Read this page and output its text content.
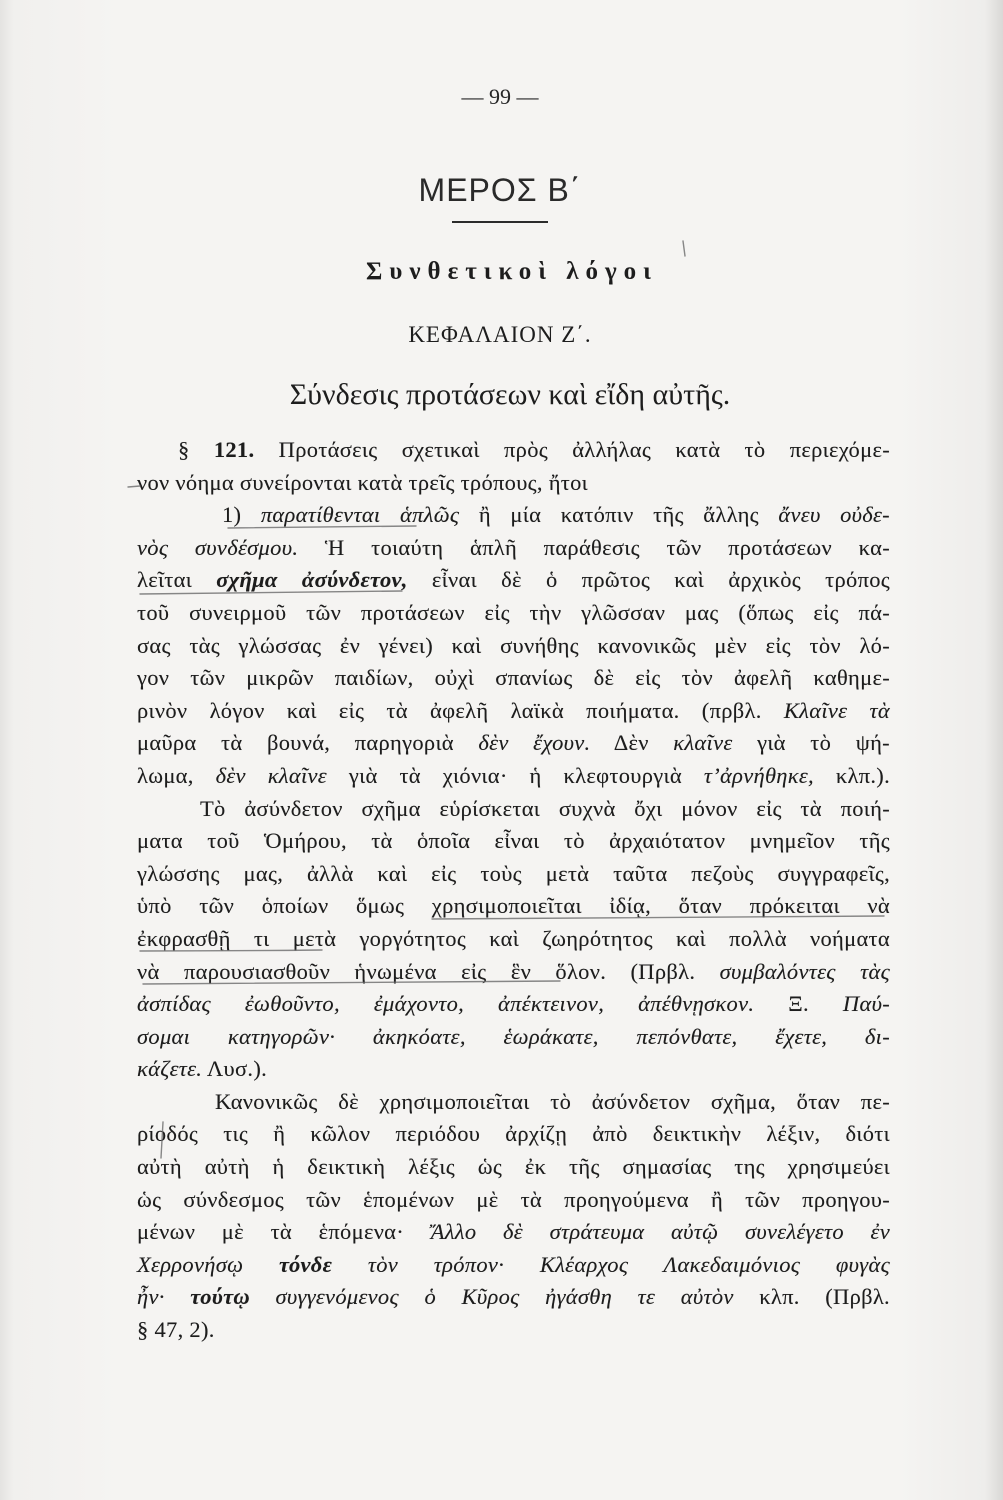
— 99 —
ΜΕΡΟΣ Β΄
Συνθετικοὶ λόγοι
ΚΕΦΑΛΑΙΟΝ Ζ΄.
Σύνδεσις προτάσεων καὶ εἴδη αὐτῆς.
§ 121. Προτάσεις σχετικαὶ πρὸς ἀλλήλας κατὰ τὸ περιεχόμε-
νον νόημα συνείρονται κατὰ τρεῖς τρόπους, ἤτοι
1) παρατίθενται ἁπλῶς ἢ μία κατόπιν τῆς ἄλλης ἄνευ οὐδε-
νὸς συνδέσμου. Ἡ τοιαύτη ἁπλῆ παράθεσις τῶν προτάσεων κα-
λεῖται σχῆμα ἀσύνδετον, εἶναι δὲ ὁ πρῶτος καὶ ἀρχικὸς τρόπος
τοῦ συνειρμοῦ τῶν προτάσεων εἰς τὴν γλῶσσαν μας (ὅπως εἰς πά-
σας τὰς γλώσσας ἐν γένει) καὶ συνήθης κανονικῶς μὲν εἰς τὸν λό-
γον τῶν μικρῶν παιδίων, οὐχὶ σπανίως δὲ εἰς τὸν ἀφελῆ καθημε-
ρινὸν λόγον καὶ εἰς τὰ ἀφελῆ λαϊκὰ ποιήματα. (πρβλ. Κλαῖνε τὰ
μαῦρα τὰ βουνά, παρηγοριὰ δὲν ἔχουν. Δὲν κλαῖνε γιὰ τὸ ψή-
λωμα, δὲν κλαῖνε γιὰ τὰ χιόνια· ἡ κλεφτουργιὰ τ’ἀρνήθηκε, κλπ.).
Τὸ ἀσύνδετον σχῆμα εὑρίσκεται συχνὰ ὄχι μόνον εἰς τὰ ποιή-
ματα τοῦ Ὁμήρου, τὰ ὁποῖα εἶναι τὸ ἀρχαιότατον μνημεῖον τῆς
γλώσσης μας, ἀλλὰ καὶ εἰς τοὺς μετὰ ταῦτα πεζοὺς συγγραφεῖς,
ὑπὸ τῶν ὁποίων ὅμως χρησιμοποιεῖται ἰδίᾳ, ὅταν πρόκειται νὰ
ἐκφρασθῇ τι μετὰ γοργότητος καὶ ζωηρότητος καὶ πολλὰ νοήματα
νὰ παρουσιασθοῦν ἡνωμένα εἰς ἓν ὅλον. (Πρβλ. συμβαλόντες τὰς
ἀσπίδας ἐωθοῦντο, ἐμάχοντο, ἀπέκτεινον, ἀπέθνῃσκον. Ξ. Παύ-
σομαι κατηγορῶν· ἀκηκόατε, ἑωράκατε, πεπόνθατε, ἔχετε, δι-
κάζετε. Λυσ.).
Κανονικῶς δὲ χρησιμοποιεῖται τὸ ἀσύνδετον σχῆμα, ὅταν πε-
ρίοδός τις ἢ κῶλον περιόδου ἀρχίζῃ ἀπὸ δεικτικὴν λέξιν, διότι
αὐτὴ αὐτὴ ἡ δεικτικὴ λέξις ὡς ἐκ τῆς σημασίας της χρησιμεύει
ὡς σύνδεσμος τῶν ἑπομένων μὲ τὰ προηγούμενα ἢ τῶν προηγου-
μένων μὲ τὰ ἑπόμενα· Ἄλλο δὲ στράτευμα αὐτῷ συνελέγετο ἐν
Χερρονήσῳ τόνδε τὸν τρόπον· Κλέαρχος Λακεδαιμόνιος φυγὰς
ἦν· τούτῳ συγγενόμενος ὁ Κῦρος ἠγάσθη τε αὐτὸν κλπ. (Πρβλ.
§ 47, 2).
